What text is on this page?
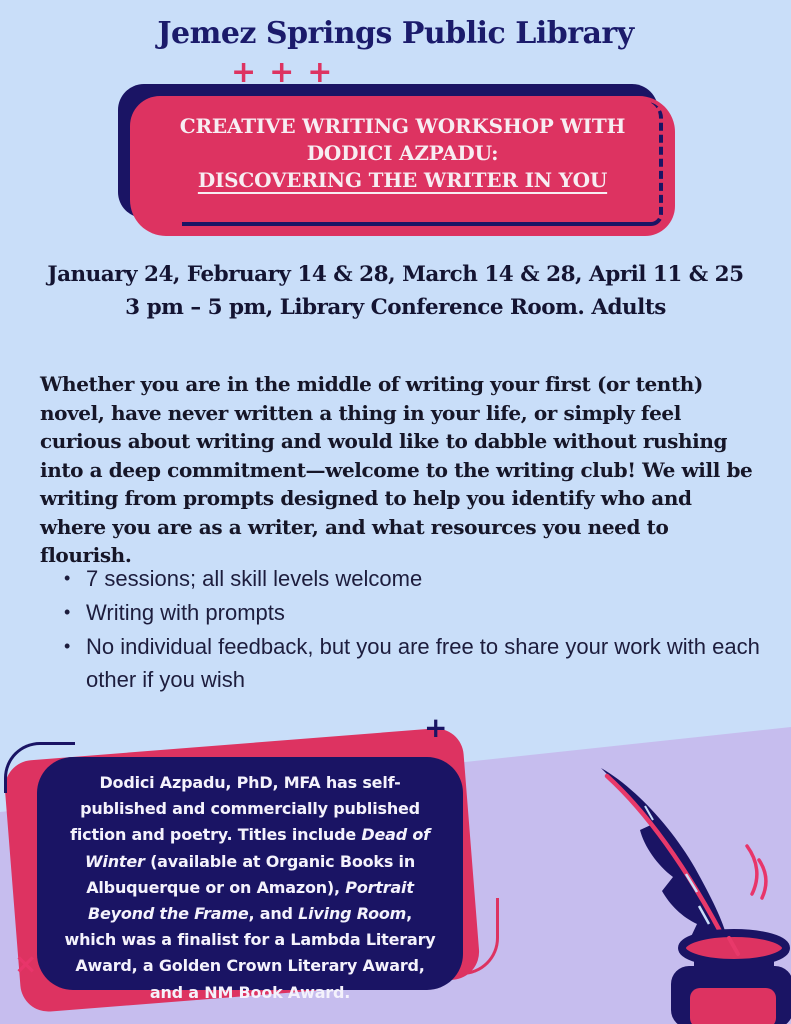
Jemez Springs Public Library
+ + +
CREATIVE WRITING WORKSHOP WITH
DODICI AZPADU:
DISCOVERING THE WRITER IN YOU
January 24, February 14 & 28, March 14 & 28, April 11 & 25
3 pm – 5 pm, Library Conference Room. Adults

Whether you are in the middle of writing your first (or tenth) novel, have never written a thing in your life, or simply feel curious about writing and would like to dabble without rushing into a deep commitment—welcome to the writing club! We will be writing from prompts designed to help you identify who and where you are as a writer, and what resources you need to flourish.

• 7 sessions; all skill levels welcome
• Writing with prompts
• No individual feedback, but you are free to share your work with each other if you wish

Dodici Azpadu, PhD, MFA has self-published and commercially published fiction and poetry. Titles include Dead of Winter (available at Organic Books in Albuquerque or on Amazon), Portrait Beyond the Frame, and Living Room, which was a finalist for a Lambda Literary Award, a Golden Crown Literary Award, and a NM Book Award.

+
×
